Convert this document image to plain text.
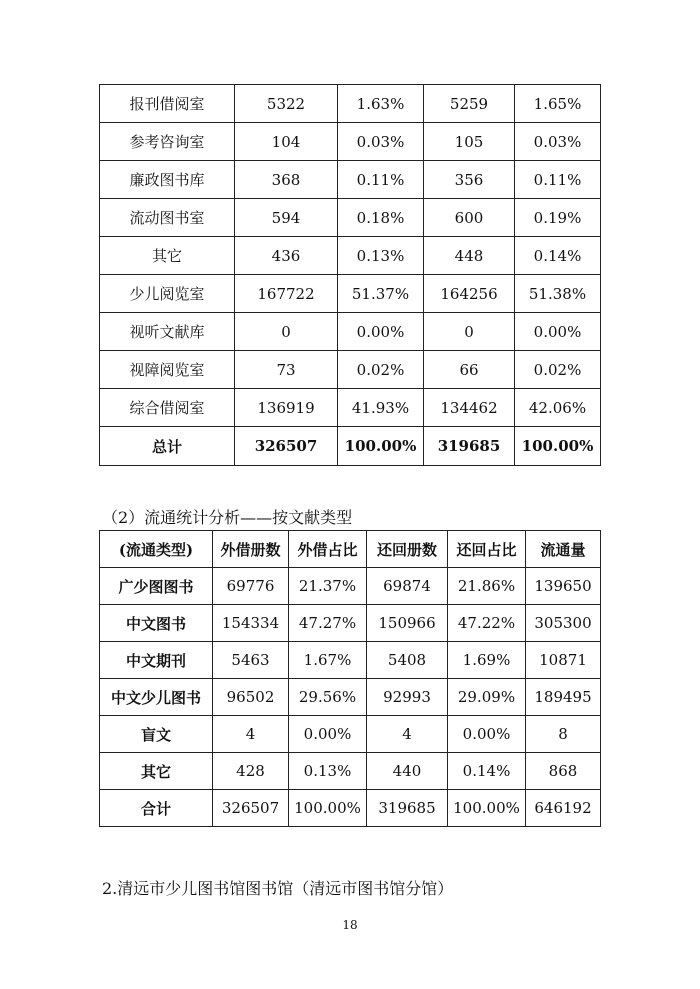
报刊借阅室	5322	1.63%	5259	1.65%
参考咨询室	104	0.03%	105	0.03%
廉政图书库	368	0.11%	356	0.11%
流动图书室	594	0.18%	600	0.19%
其它	436	0.13%	448	0.14%
少儿阅览室	167722	51.37%	164256	51.38%
视听文献库	0	0.00%	0	0.00%
视障阅览室	73	0.02%	66	0.02%
综合借阅室	136919	41.93%	134462	42.06%
总计	326507	100.00%	319685	100.00%
（2）流通统计分析——按文献类型
(流通类型)	外借册数	外借占比	还回册数	还回占比	流通量
广少图图书	69776	21.37%	69874	21.86%	139650
中文图书	154334	47.27%	150966	47.22%	305300
中文期刊	5463	1.67%	5408	1.69%	10871
中文少儿图书	96502	29.56%	92993	29.09%	189495
盲文	4	0.00%	4	0.00%	8
其它	428	0.13%	440	0.14%	868
合计	326507	100.00%	319685	100.00%	646192
2.清远市少儿图书馆图书馆（清远市图书馆分馆）
18
